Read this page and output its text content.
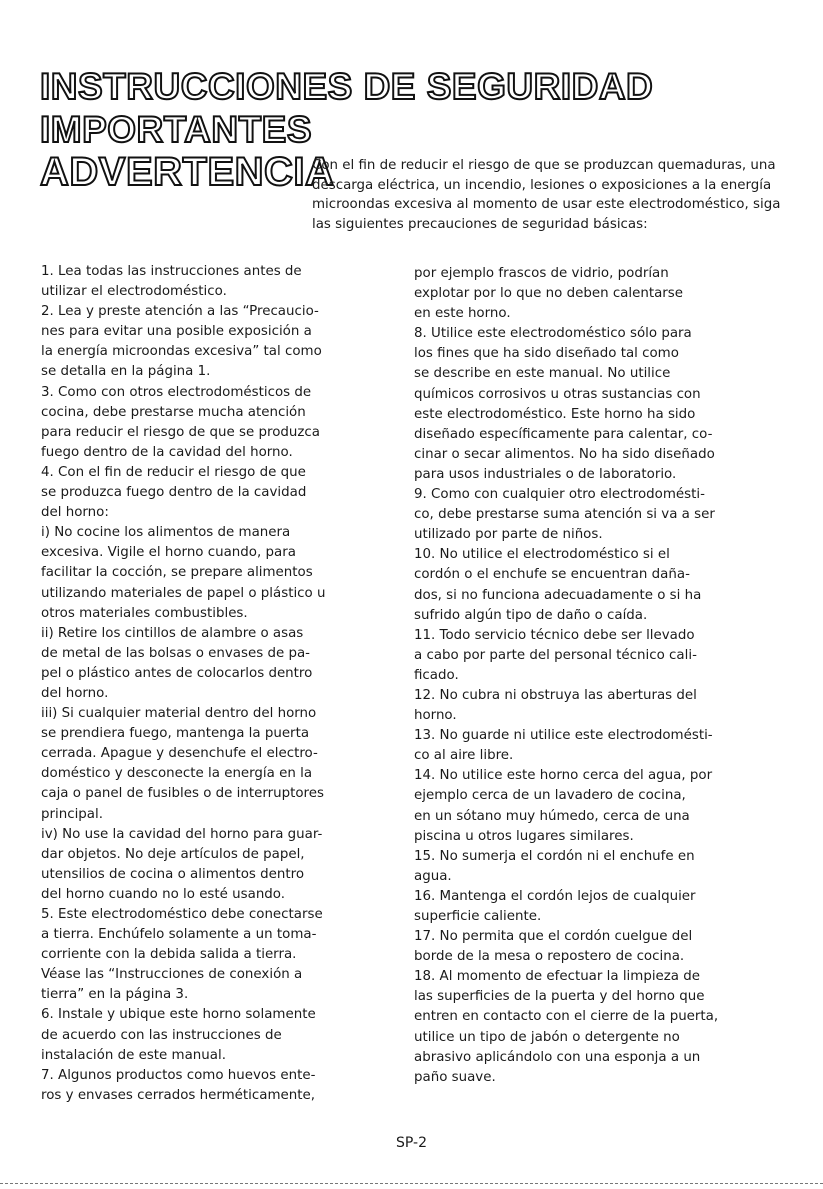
INSTRUCCIONES DE SEGURIDAD
IMPORTANTES
ADVERTENCIA

Con el fin de reducir el riesgo de que se produzcan quemaduras, una descarga eléctrica, un incendio, lesiones o exposiciones a la energía microondas excesiva al momento de usar este electrodoméstico, siga las siguientes precauciones de seguridad básicas:

1. Lea todas las instrucciones antes de
utilizar el electrodoméstico.

2. Lea y preste atención a las “Precaucio-
nes para evitar una posible exposición a
la energía microondas excesiva” tal como
se detalla en la página 1.

3. Como con otros electrodomésticos de
cocina, debe prestarse mucha atención
para reducir el riesgo de que se produzca
fuego dentro de la cavidad del horno.

4. Con el fin de reducir el riesgo de que
se produzca fuego dentro de la cavidad
del horno:

i) No cocine los alimentos de manera
excesiva. Vigile el horno cuando, para
facilitar la cocción, se prepare alimentos
utilizando materiales de papel o plástico u
otros materiales combustibles.

ii) Retire los cintillos de alambre o asas
de metal de las bolsas o envases de pa-
pel o plástico antes de colocarlos dentro
del horno.

iii) Si cualquier material dentro del horno
se prendiera fuego, mantenga la puerta
cerrada. Apague y desenchufe el electro-
doméstico y desconecte la energía en la
caja o panel de fusibles o de interruptores
principal.

iv) No use la cavidad del horno para guar-
dar objetos. No deje artículos de papel,
utensilios de cocina o alimentos dentro
del horno cuando no lo esté usando.

5. Este electrodoméstico debe conectarse
a tierra. Enchúfelo solamente a un toma-
corriente con la debida salida a tierra.
Véase las “Instrucciones de conexión a
tierra” en la página 3.

6. Instale y ubique este horno solamente
de acuerdo con las instrucciones de
instalación de este manual.

7. Algunos productos como huevos ente-
ros y envases cerrados herméticamente,

por ejemplo frascos de vidrio, podrían
explotar por lo que no deben calentarse
en este horno.

8. Utilice este electrodoméstico sólo para
los fines que ha sido diseñado tal como
se describe en este manual. No utilice
químicos corrosivos u otras sustancias con
este electrodoméstico. Este horno ha sido
diseñado específicamente para calentar, co-
cinar o secar alimentos. No ha sido diseñado
para usos industriales o de laboratorio.

9. Como con cualquier otro electrodomésti-
co, debe prestarse suma atención si va a ser
utilizado por parte de niños.

10. No utilice el electrodoméstico si el
cordón o el enchufe se encuentran daña-
dos, si no funciona adecuadamente o si ha
sufrido algún tipo de daño o caída.

11. Todo servicio técnico debe ser llevado
a cabo por parte del personal técnico cali-
ficado.

12. No cubra ni obstruya las aberturas del
horno.

13. No guarde ni utilice este electrodomésti-
co al aire libre.

14. No utilice este horno cerca del agua, por
ejemplo cerca de un lavadero de cocina,
en un sótano muy húmedo, cerca de una
piscina u otros lugares similares.

15. No sumerja el cordón ni el enchufe en
agua.

16. Mantenga el cordón lejos de cualquier
superficie caliente.

17. No permita que el cordón cuelgue del
borde de la mesa o repostero de cocina.

18. Al momento de efectuar la limpieza de
las superficies de la puerta y del horno que
entren en contacto con el cierre de la puerta,
utilice un tipo de jabón o detergente no
abrasivo aplicándolo con una esponja a un
paño suave.

SP-2
